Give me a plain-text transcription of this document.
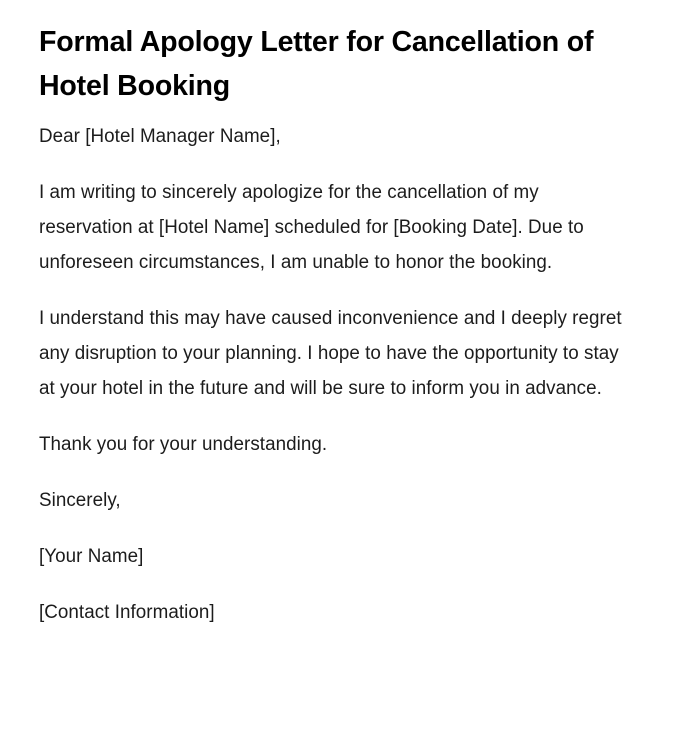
Formal Apology Letter for Cancellation of Hotel Booking

Dear [Hotel Manager Name],

I am writing to sincerely apologize for the cancellation of my reservation at [Hotel Name] scheduled for [Booking Date]. Due to unforeseen circumstances, I am unable to honor the booking.

I understand this may have caused inconvenience and I deeply regret any disruption to your planning. I hope to have the opportunity to stay at your hotel in the future and will be sure to inform you in advance.

Thank you for your understanding.

Sincerely,

[Your Name]

[Contact Information]
